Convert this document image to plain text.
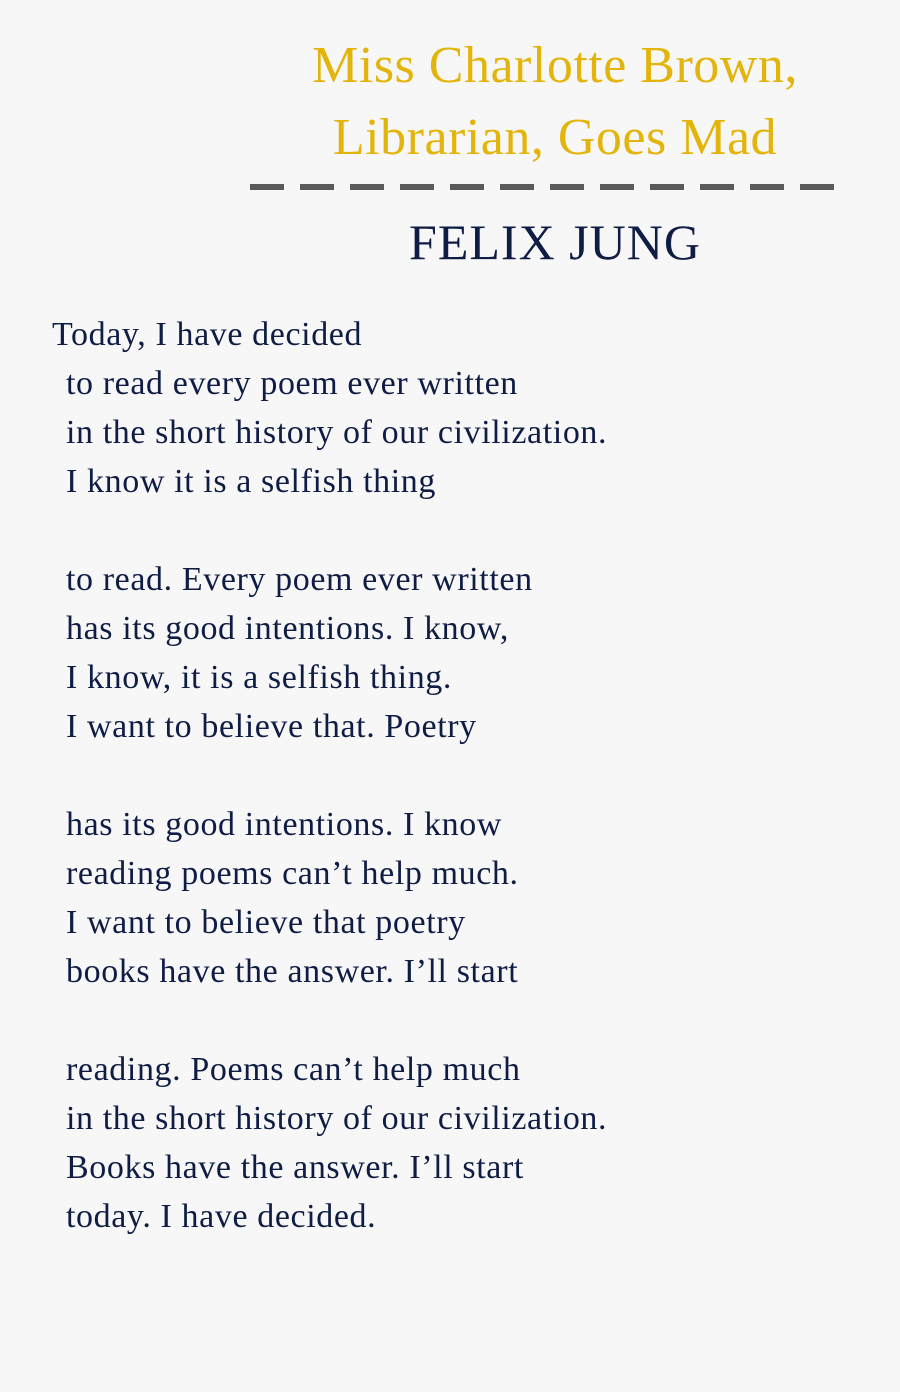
Miss Charlotte Brown,
Librarian, Goes Mad
FELIX JUNG
Today, I have decided
to read every poem ever written
in the short history of our civilization.
I know it is a selfish thing
to read. Every poem ever written
has its good intentions. I know,
I know, it is a selfish thing.
I want to believe that. Poetry
has its good intentions. I know
reading poems can’t help much.
I want to believe that poetry
books have the answer. I’ll start
reading. Poems can’t help much
in the short history of our civilization.
Books have the answer. I’ll start
today. I have decided.
